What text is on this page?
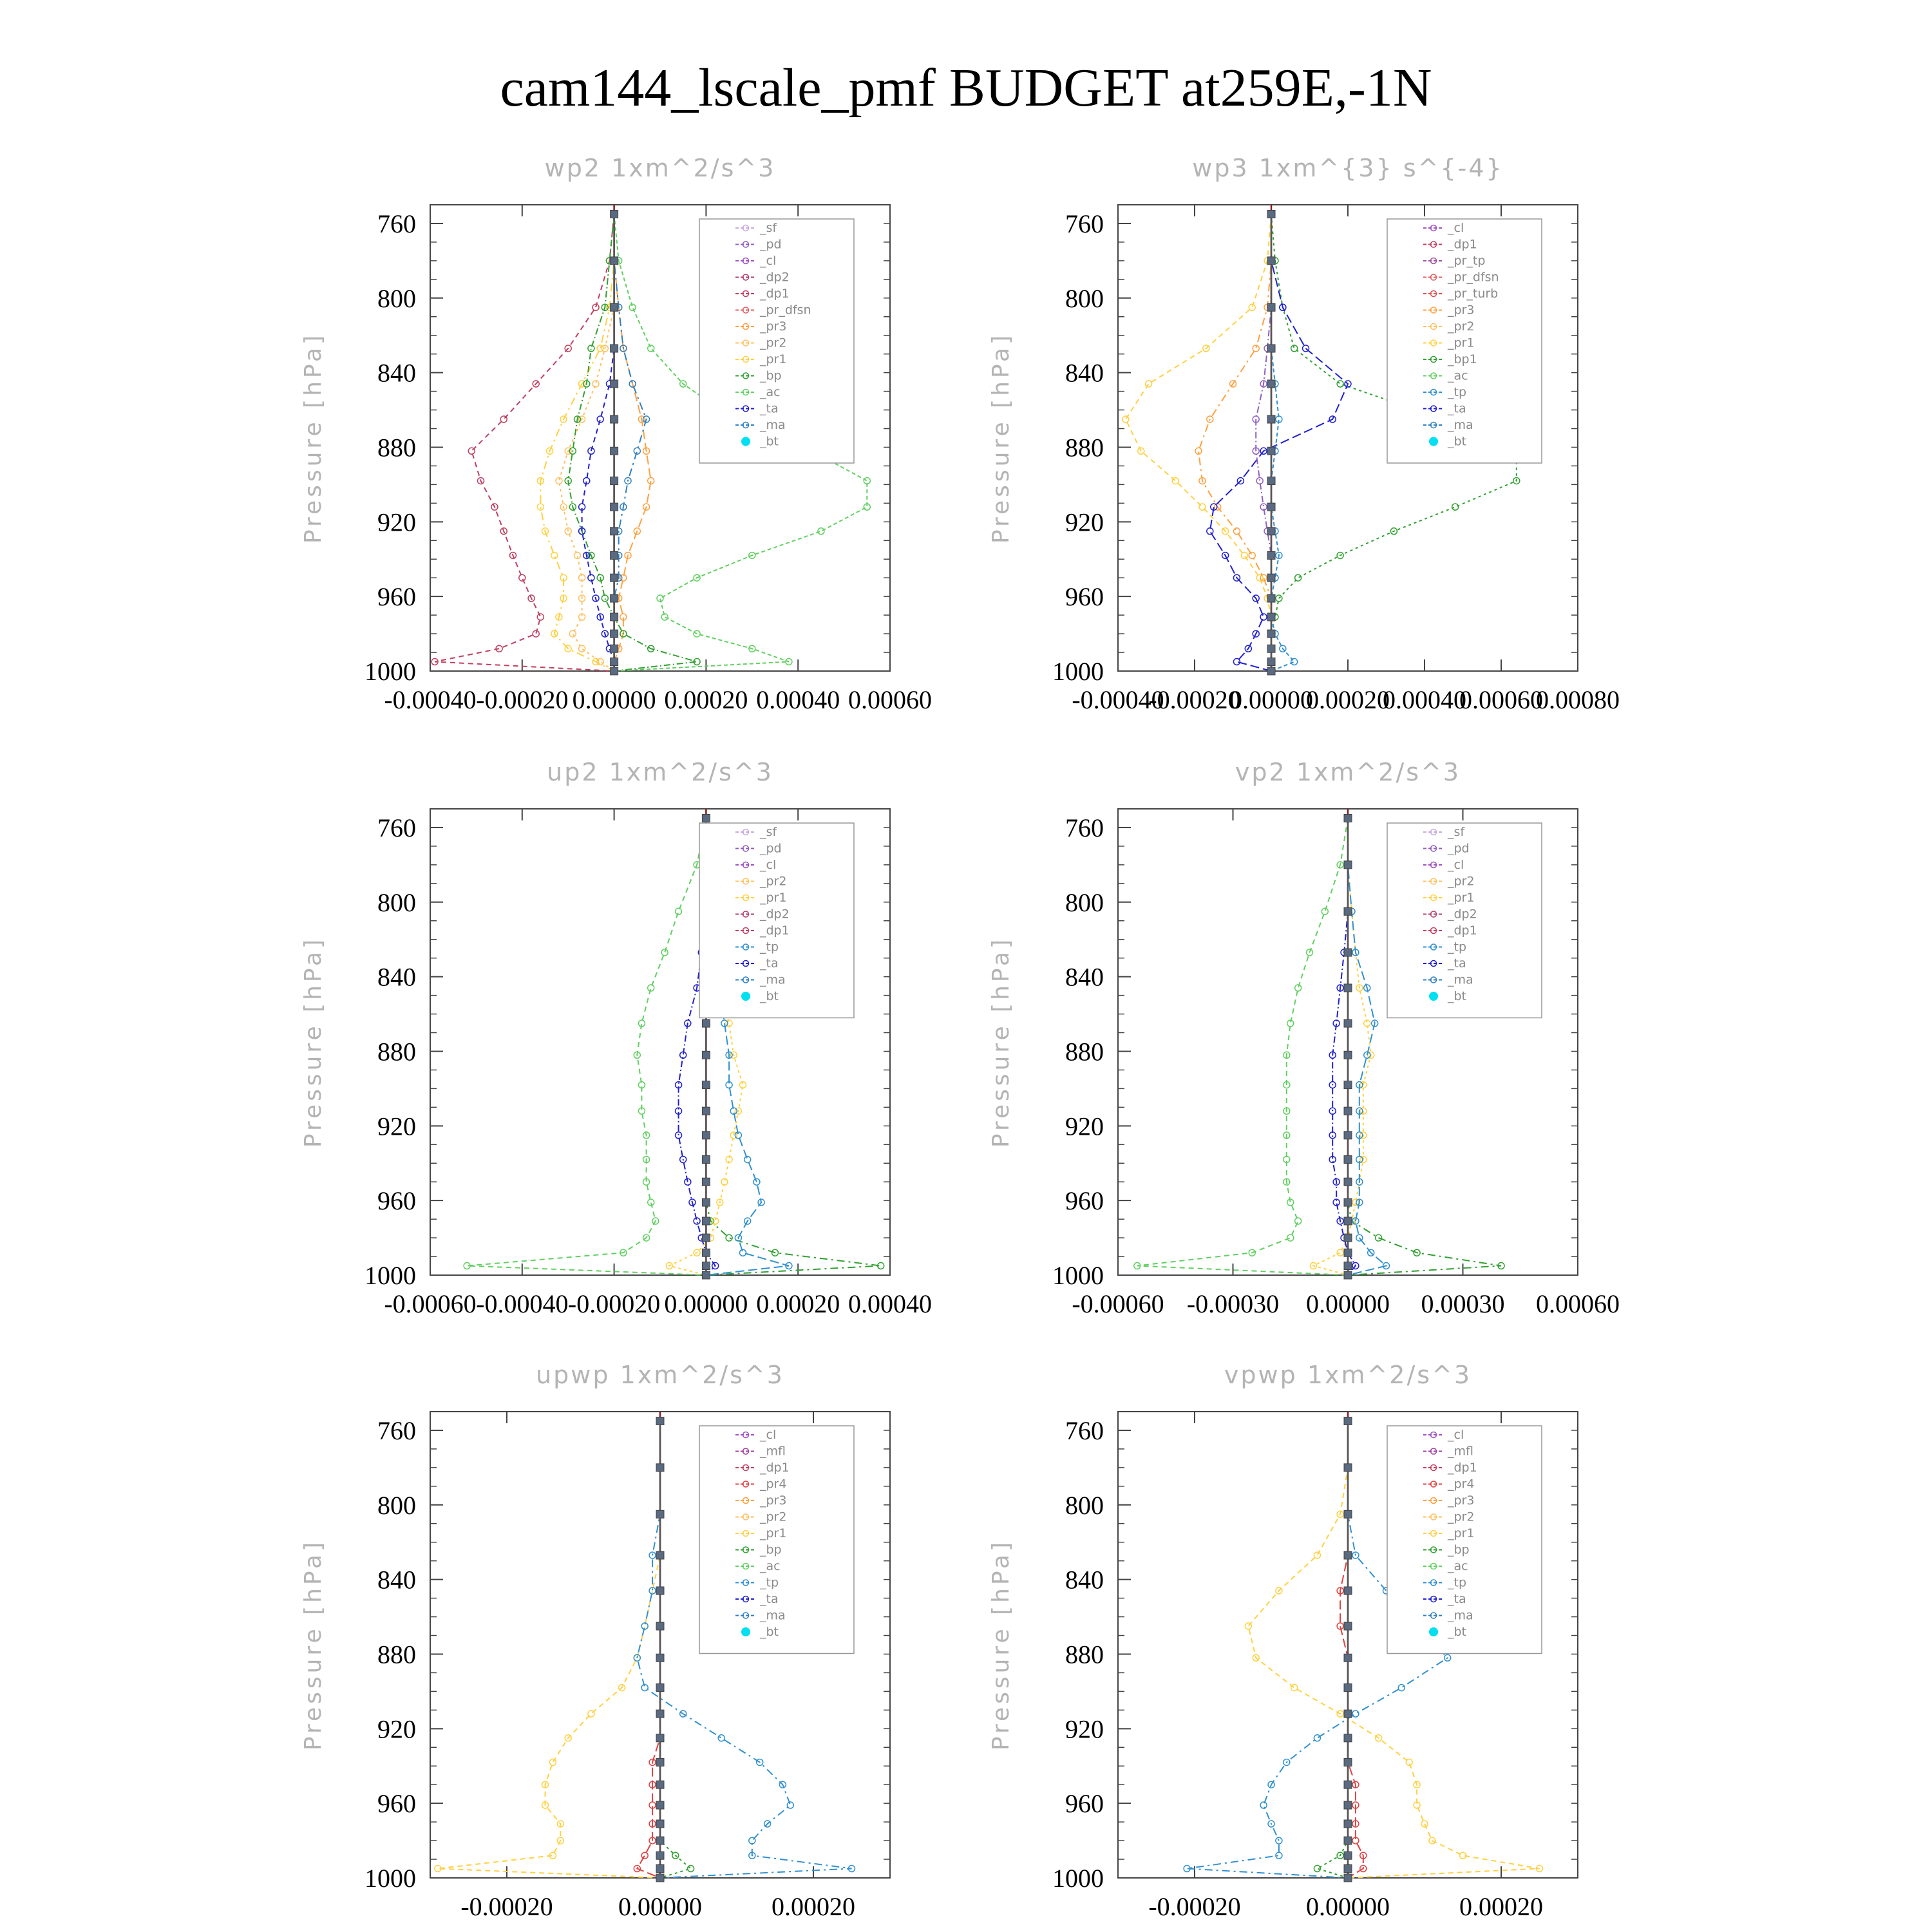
cam144_lscale_pmf BUDGET at259E,-1N
wp2 1xm^2/s^3
Pressure [hPa]
760
800
840
880
920
960
1000
-0.00040 -0.00020 0.00000 0.00020 0.00040 0.00060
_sf
_pd
_cl
_dp2
_dp1
_pr_dfsn
_pr3
_pr2
_pr1
_bp
_ac
_ta
_ma
_bt
wp3 1xm^{3} s^{-4}
Pressure [hPa]
760
800
840
880
920
960
1000
-0.00040
-0.00020
0.00000
0.00020
0.00040
0.00060
0.00080
_cl
_dp1
_pr_tp
_pr_dfsn
_pr_turb
_pr3
_pr2
_pr1
_bp1
_ac
_tp
_ta
_ma
_bt
up2 1xm^2/s^3
Pressure [hPa]
760
800
840
880
920
960
1000
-0.00060 -0.00040 -0.00020 0.00000 0.00020 0.00040
_sf
_pd
_cl
_pr2
_pr1
_dp2
_dp1
_tp
_ta
_ma
_bt
vp2 1xm^2/s^3
Pressure [hPa]
760
800
840
880
920
960
1000
-0.00060 -0.00030 0.00000 0.00030 0.00060
_sf
_pd
_cl
_pr2
_pr1
_dp2
_dp1
_tp
_ta
_ma
_bt
upwp 1xm^2/s^3
Pressure [hPa]
760
800
840
880
920
960
1000
-0.00020	0.00000	0.00020
_cl
_mfl
_dp1
_pr4
_pr3
_pr2
_pr1
_bp
_ac
_tp
_ta
_ma
_bt
vpwp 1xm^2/s^3
Pressure [hPa]
760
800
840
880
920
960
1000
-0.00020	0.00000	0.00020
_cl
_mfl
_dp1
_pr4
_pr3
_pr2
_pr1
_bp
_ac
_tp
_ta
_ma
_bt
